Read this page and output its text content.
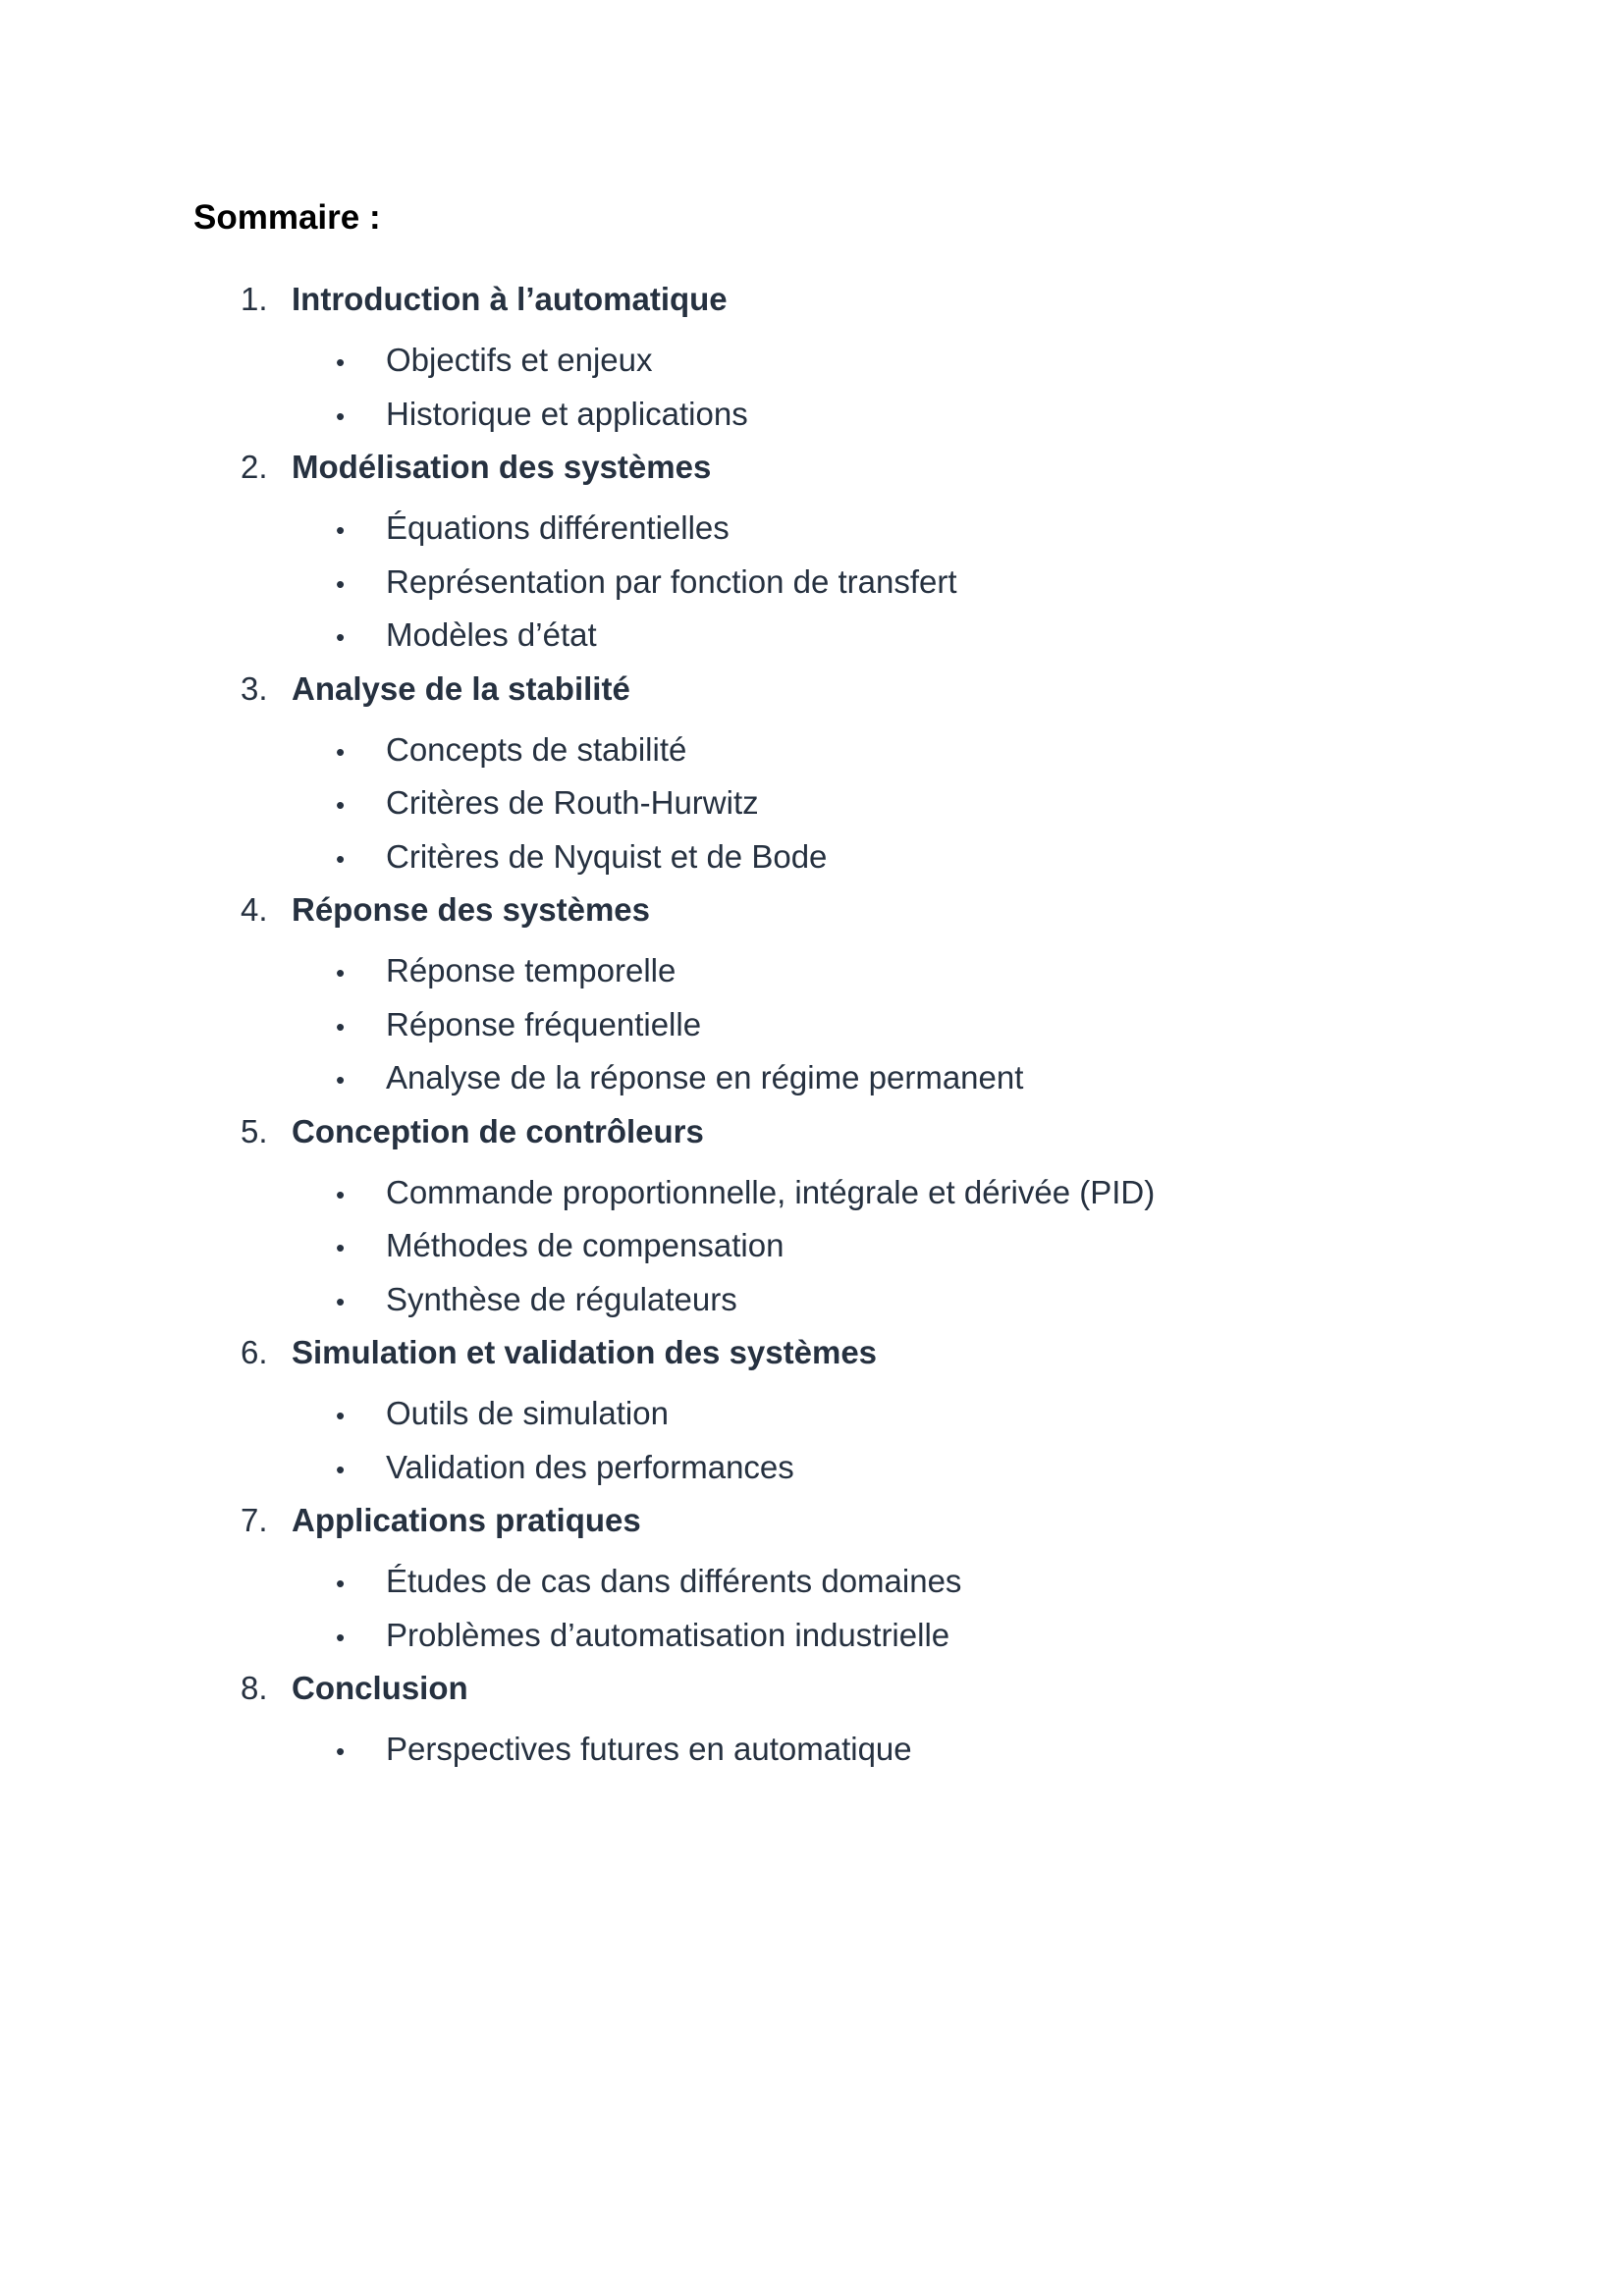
Sommaire :
1. Introduction à l’automatique
•	Objectifs et enjeux
•	Historique et applications
2. Modélisation des systèmes
•	Équations différentielles
•	Représentation par fonction de transfert
•	Modèles d’état
3. Analyse de la stabilité
•	Concepts de stabilité
•	Critères de Routh-Hurwitz
•	Critères de Nyquist et de Bode
4. Réponse des systèmes
•	Réponse temporelle
•	Réponse fréquentielle
•	Analyse de la réponse en régime permanent
5. Conception de contrôleurs
•	Commande proportionnelle, intégrale et dérivée (PID)
•	Méthodes de compensation
•	Synthèse de régulateurs
6. Simulation et validation des systèmes
•	Outils de simulation
•	Validation des performances
7. Applications pratiques
•	Études de cas dans différents domaines
•	Problèmes d’automatisation industrielle
8. Conclusion
•	Perspectives futures en automatique
